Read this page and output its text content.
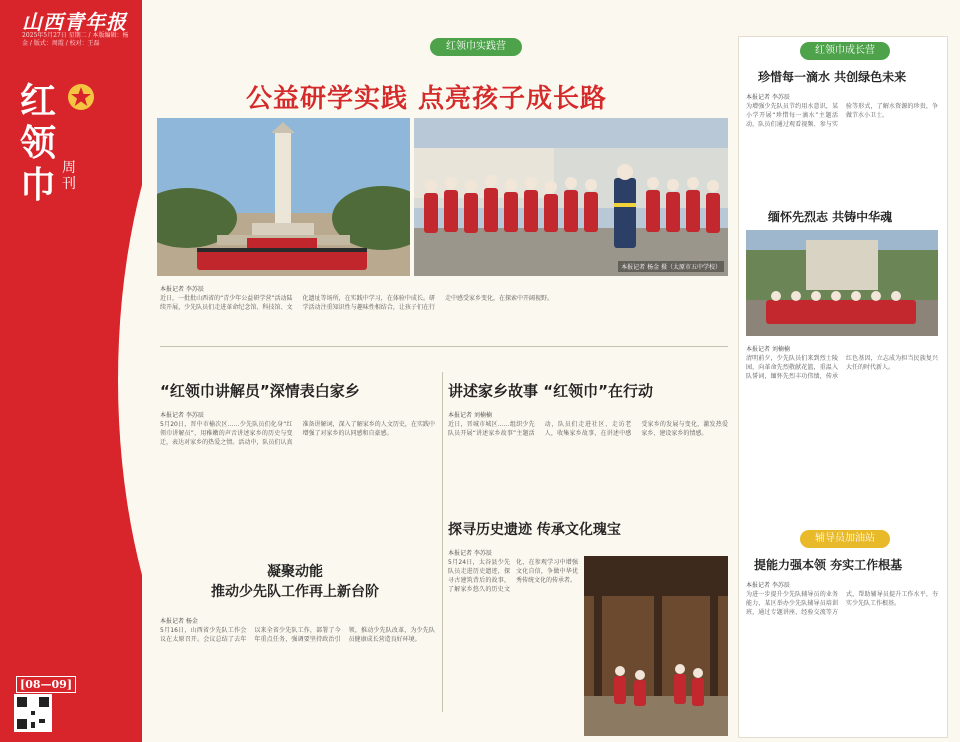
山西青年报
2025年5月27日 星期二 / 本版编辑：杨金 / 版式：周霞 / 校对：王磊
红领巾 周刊
[08—09]
红领巾实践营
公益研学实践 点亮孩子成长路
本报记者 杨金 摄（太原市五中学校）
本报记者 李苏辰
近日，一批批山西省的“青少年公益研学营”活动陆续开展，少先队员们走进革命纪念馆、科技馆、文化遗址等场所，在实践中学习，在体验中成长。研学活动注重知识性与趣味性相结合，让孩子们在行走中感受家乡变化，在探索中开阔视野。
“红领巾讲解员”深情表白家乡
本报记者 李苏辰
5月20日，晋中市榆次区……少先队员们化身“红领巾讲解员”，用稚嫩的声音讲述家乡的历史与变迁，表达对家乡的热爱之情。活动中，队员们认真准备讲解词，深入了解家乡的人文历史，在实践中增强了对家乡的认同感和自豪感。
讲述家乡故事 “红领巾”在行动
本报记者 刘楠楠
近日，晋城市城区……组织少先队员开展“讲述家乡故事”主题活动，队员们走进社区、走访老人，收集家乡故事，在讲述中感受家乡的发展与变化，激发热爱家乡、建设家乡的情感。
凝聚动能
推动少先队工作再上新台阶
本报记者 杨金
5月16日，山西省少先队工作会议在太原召开。会议总结了去年以来全省少先队工作，部署了今年重点任务，强调要坚持政治引领，推动少先队改革，为少先队员健康成长营造良好环境。
探寻历史遗迹 传承文化瑰宝
本报记者 李苏辰
5月24日，太谷县少先队员走进历史遗迹，探寻古建筑背后的故事，了解家乡悠久的历史文化，在参观学习中增强文化自信，争做中华优秀传统文化的传承者。
红领巾成长营
珍惜每一滴水 共创绿色未来
本报记者 李苏辰
为增强少先队员节约用水意识，某小学开展“珍惜每一滴水”主题活动，队员们通过观看视频、参与实验等形式，了解水资源的珍贵，争做节水小卫士。
缅怀先烈志 共铸中华魂
本报记者 刘楠楠
清明前夕，少先队员们来到烈士陵园，向革命先烈敬献花篮，重温入队誓词，缅怀先烈丰功伟绩，传承红色基因，立志成为担当民族复兴大任的时代新人。
辅导员加油站
提能力强本领 夯实工作根基
本报记者 李苏辰
为进一步提升少先队辅导员的业务能力，某区举办少先队辅导员培训班，通过专题讲座、经验交流等方式，帮助辅导员提升工作水平，夯实少先队工作根基。
